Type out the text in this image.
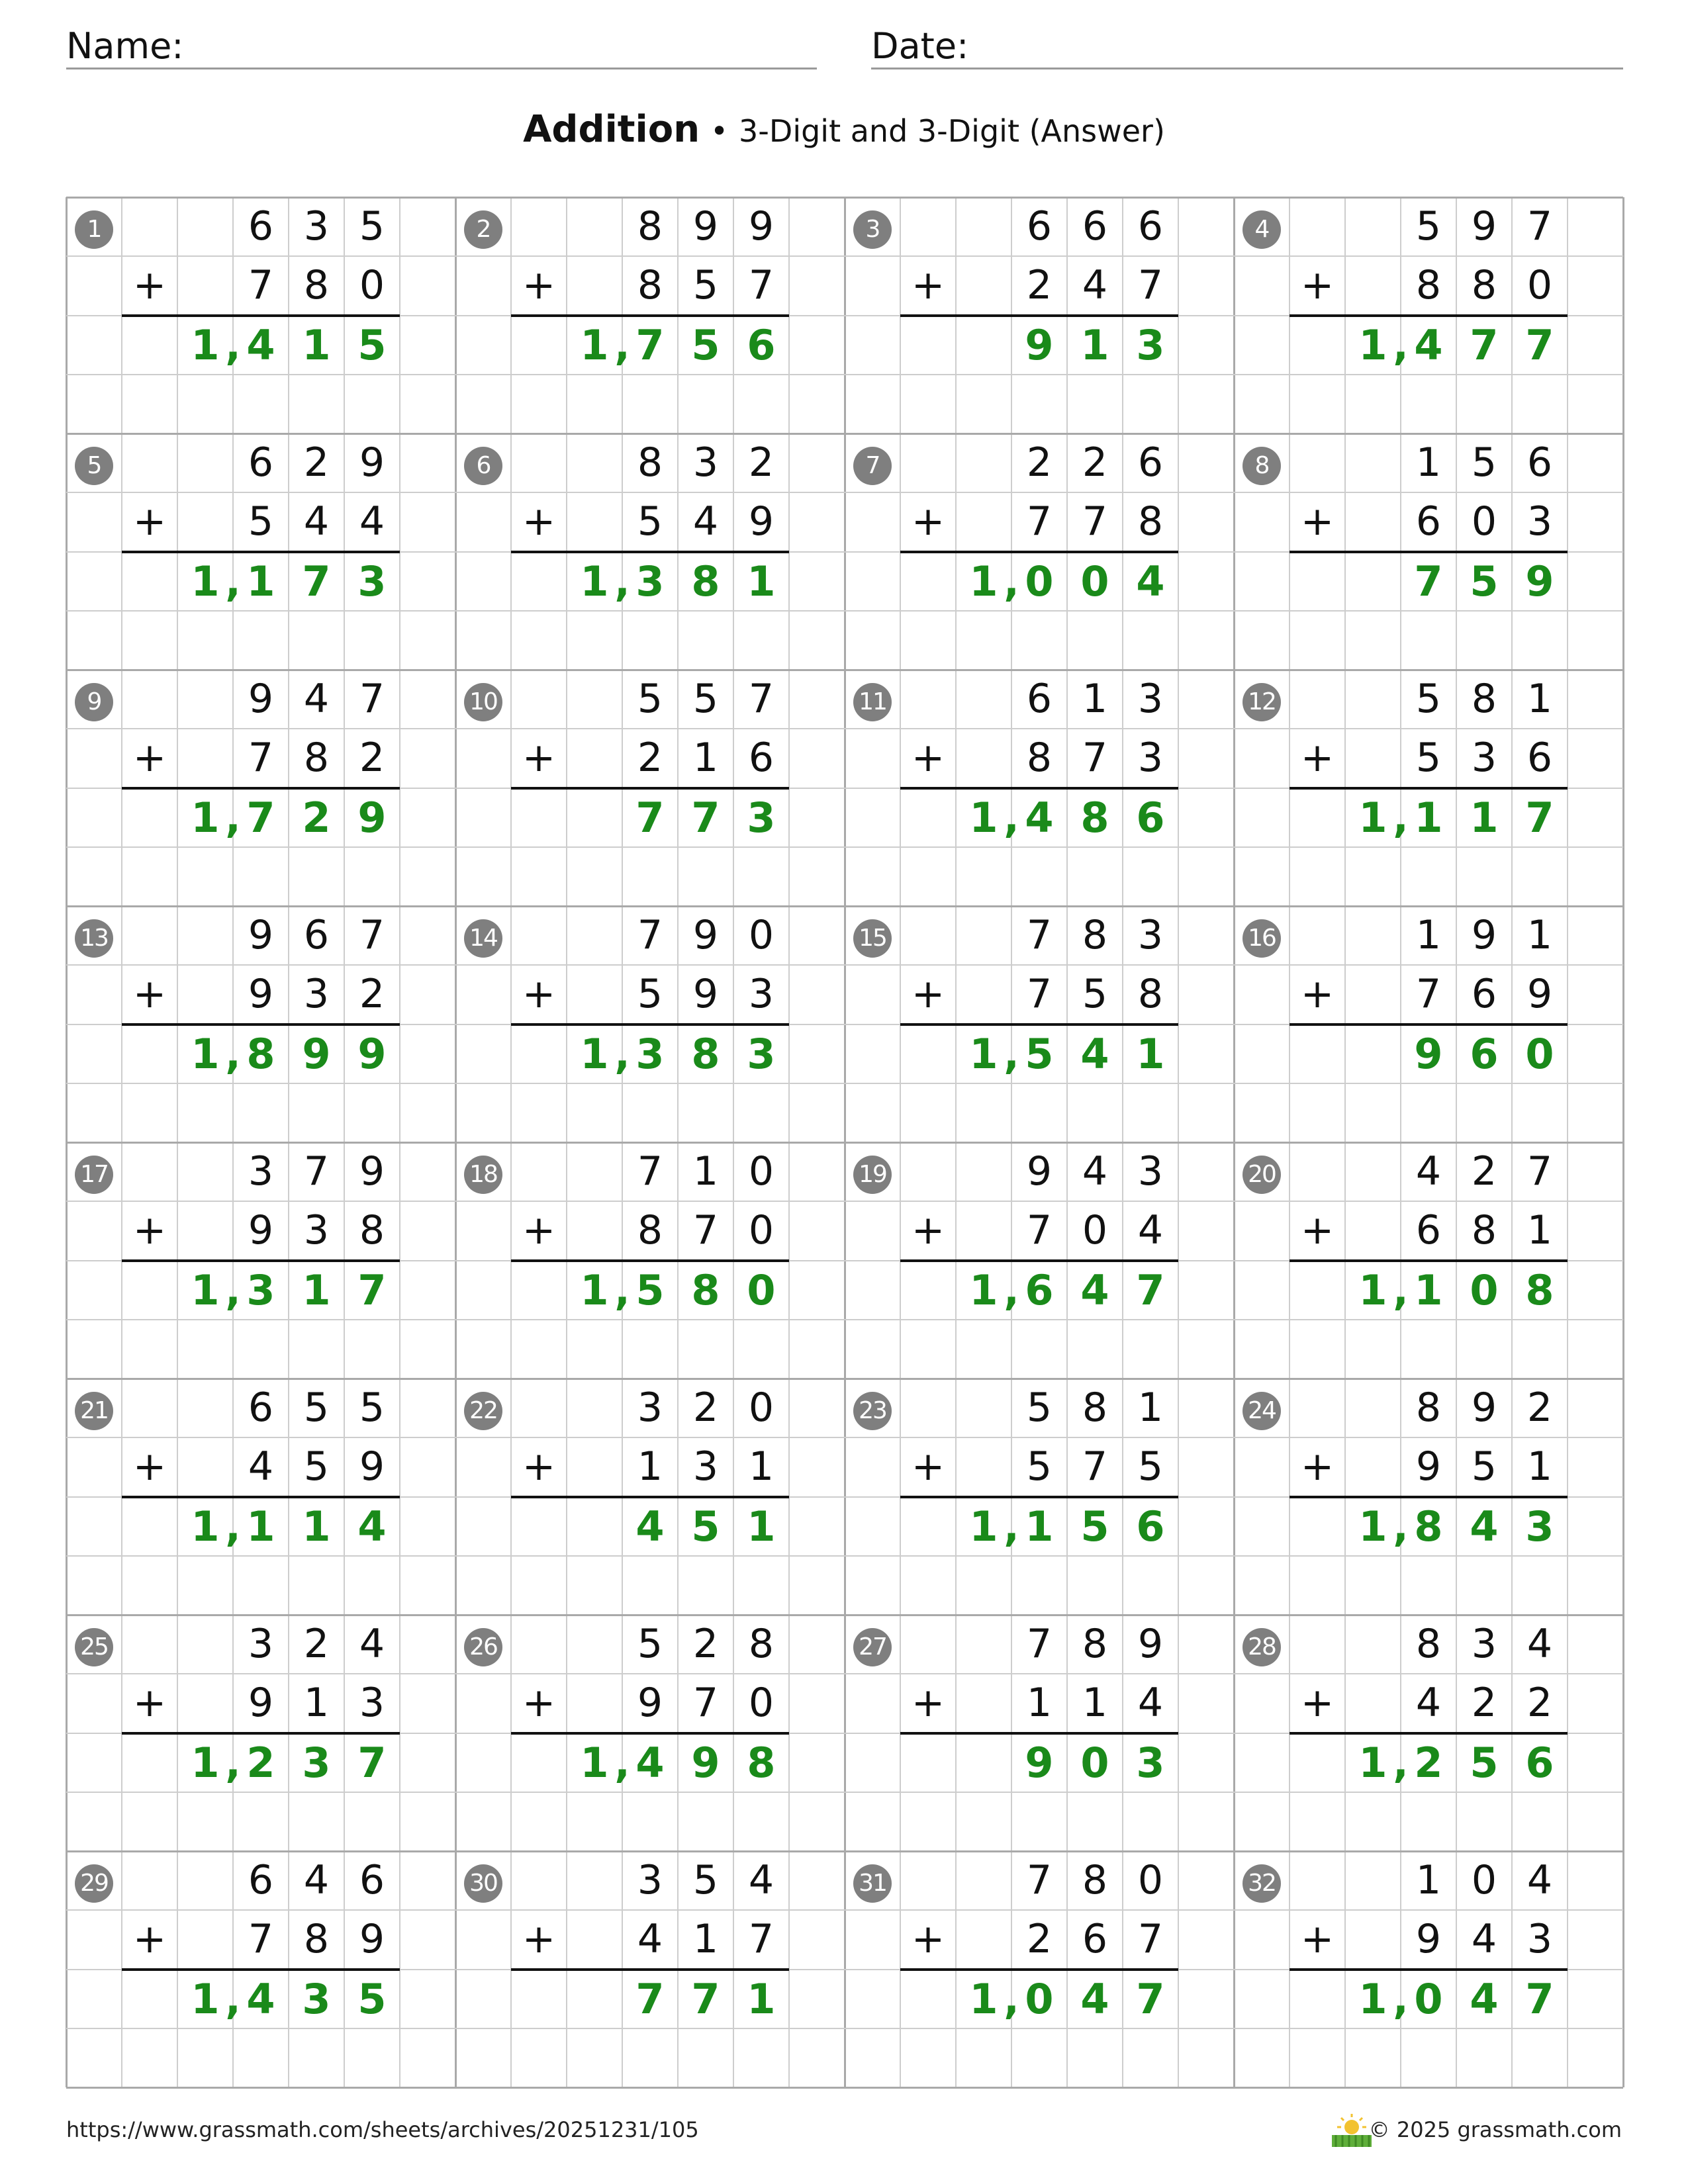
Name:	Date:
Addition • 3-Digit and 3-Digit (Answer)
1	6 3 5
+	7 8 0
1 4 1 5
,
2	8 9 9
+	8 5 7
1 7 5 6
,
3	6 6 6
+	2 4 7
9 1 3
4	5 9 7
+	8 8 0
1 4 7 7
,
5	6 2 9
+	5 4 4
1 1 7 3
,
6	8 3 2
+	5 4 9
1 3 8 1
,
7	2 2 6
+	7 7 8
1 0 0 4
,
8	1 5 6
+	6 0 3
7 5 9
9	9 4 7
+	7 8 2
1 7 2 9
,
10	5 5 7
+	2 1 6
7 7 3
11	6 1 3
+	8 7 3
1 4 8 6
,
12	5 8 1
+	5 3 6
1 1 1 7
,
13	9 6 7
+	9 3 2
1 8 9 9
,
14	7 9 0
+	5 9 3
1 3 8 3
,
15	7 8 3
+	7 5 8
1 5 4 1
,
16	1 9 1
+	7 6 9
9 6 0
17	3 7 9
+	9 3 8
1 3 1 7
,
18	7 1 0
+	8 7 0
1 5 8 0
,
19	9 4 3
+	7 0 4
1 6 4 7
,
20	4 2 7
+	6 8 1
1 1 0 8
,
21	6 5 5
+	4 5 9
1 1 1 4
,
22	3 2 0
+	1 3 1
4 5 1
23	5 8 1
+	5 7 5
1 1 5 6
,
24	8 9 2
+	9 5 1
1 8 4 3
,
25	3 2 4
+	9 1 3
1 2 3 7
,
26	5 2 8
+	9 7 0
1 4 9 8
,
27	7 8 9
+	1 1 4
9 0 3
28	8 3 4
+	4 2 2
1 2 5 6
,
29	6 4 6
+	7 8 9
1 4 3 5
,
30	3 5 4
+	4 1 7
7 7 1
31	7 8 0
+	2 6 7
1 0 4 7
,
32	1 0 4
+	9 4 3
1 0 4 7
,
https://www.grassmath.com/sheets/archives/20251231/105	© 2025 grassmath.com
